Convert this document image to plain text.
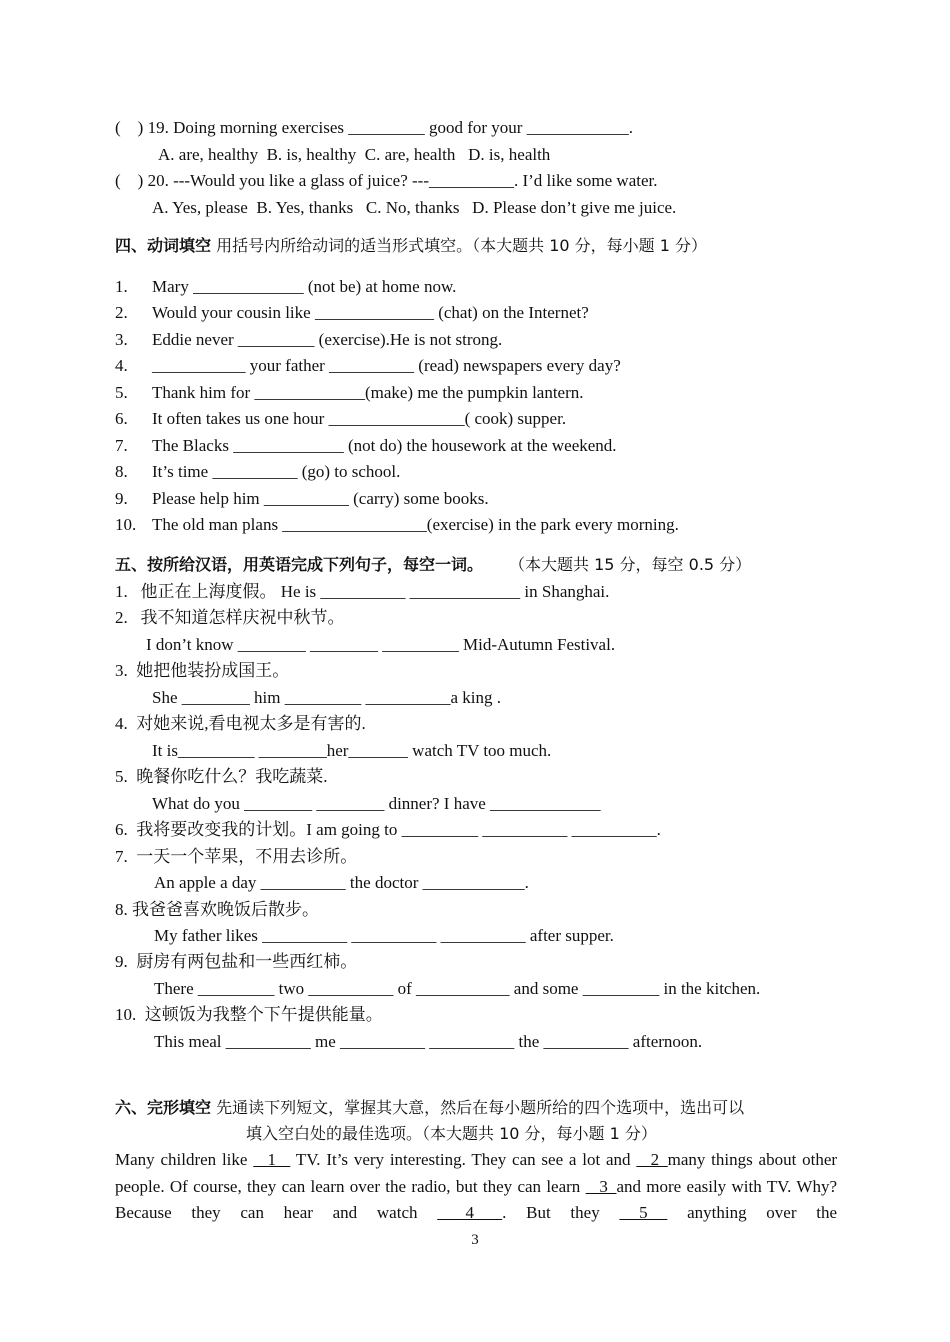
(    ) 19. Doing morning exercises _________ good for your ____________.
A. are, healthy  B. is, healthy  C. are, health   D. is, health
(    ) 20. ---Would you like a glass of juice? ---__________. I’d like some water.
A. Yes, please  B. Yes, thanks   C. No, thanks   D. Please don’t give me juice.
四、动词填空 用括号内所给动词的适当形式填空。（本大题共 10 分，每小题 1 分）
1. Mary _____________ (not be) at home now.
2. Would your cousin like ______________ (chat) on the Internet?
3. Eddie never _________ (exercise).He is not strong.
4. ___________ your father __________ (read) newspapers every day?
5. Thank him for _____________(make) me the pumpkin lantern.
6. It often takes us one hour ________________( cook) supper.
7. The Blacks _____________ (not do) the housework at the weekend.
8. It’s time __________ (go) to school.
9. Please help him __________ (carry) some books.
10. The old man plans _________________(exercise) in the park every morning.
五、按所给汉语，用英语完成下列句子，每空一词。 （本大题共 15 分，每空 0.5 分）
1.   他正在上海度假。 He is __________ _____________ in Shanghai.
2.   我不知道怎样庆祝中秋节。
I don’t know ________ ________ _________ Mid-Autumn Festival.
3.  她把他装扮成国王。
She ________ him _________ __________a king .
4.  对她来说,看电视太多是有害的.
It is_________ ________her_______ watch TV too much.
5.  晚餐你吃什么？我吃蔬菜.
What do you ________ ________ dinner? I have _____________
6.  我将要改变我的计划。I am going to _________ __________ __________.
7.  一天一个苹果，不用去诊所。
An apple a day __________ the doctor ____________.
8. 我爸爸喜欢晚饭后散步。
My father likes __________ __________ __________ after supper.
9.  厨房有两包盐和一些西红柿。
There _________ two __________ of ___________ and some _________ in the kitchen.
10.  这顿饭为我整个下午提供能量。
This meal __________ me __________ __________ the __________ afternoon.
六、完形填空 先通读下列短文，掌握其大意，然后在每小题所给的四个选项中，选出可以
填入空白处的最佳选项。（本大题共 10 分，每小题 1 分）
Many children like  _1_  TV. It’s very interesting. They can see a lot and  _2_many things about other people. Of course, they can learn over the radio, but they can learn  _3_and more easily with TV. Why? Because they can hear and watch  _4_ . But they  5  anything over the
3
